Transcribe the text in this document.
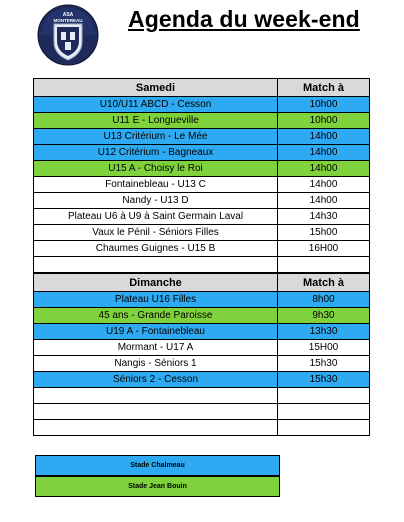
ASA
MONTEREAU Agenda du week-end
Samedi	Match à
U10/U11 ABCD - Cesson	10h00
U11 E - Longueville	10h00
U13 Critérium - Le Mée	14h00
U12 Critérium - Bagneaux	14h00
U15 A - Choisy le Roi	14h00
Fontainebleau - U13 C	14h00
Nandy - U13 D	14h00
Plateau U6 à U9 à Saint Germain Laval	14h30
Vaux le Pénil - Séniors Filles	15h00
Chaumes Guignes - U15 B	16H00

Dimanche	Match à
Plateau U16 Filles	8h00
45 ans - Grande Paroisse	9h30
U19 A - Fontainebleau	13h30
Mormant - U17 A	15H00
Nangis - Séniors 1	15h30
Séniors 2 - Cesson	15h30

Stade Chalmeau
Stade Jean Bouin
